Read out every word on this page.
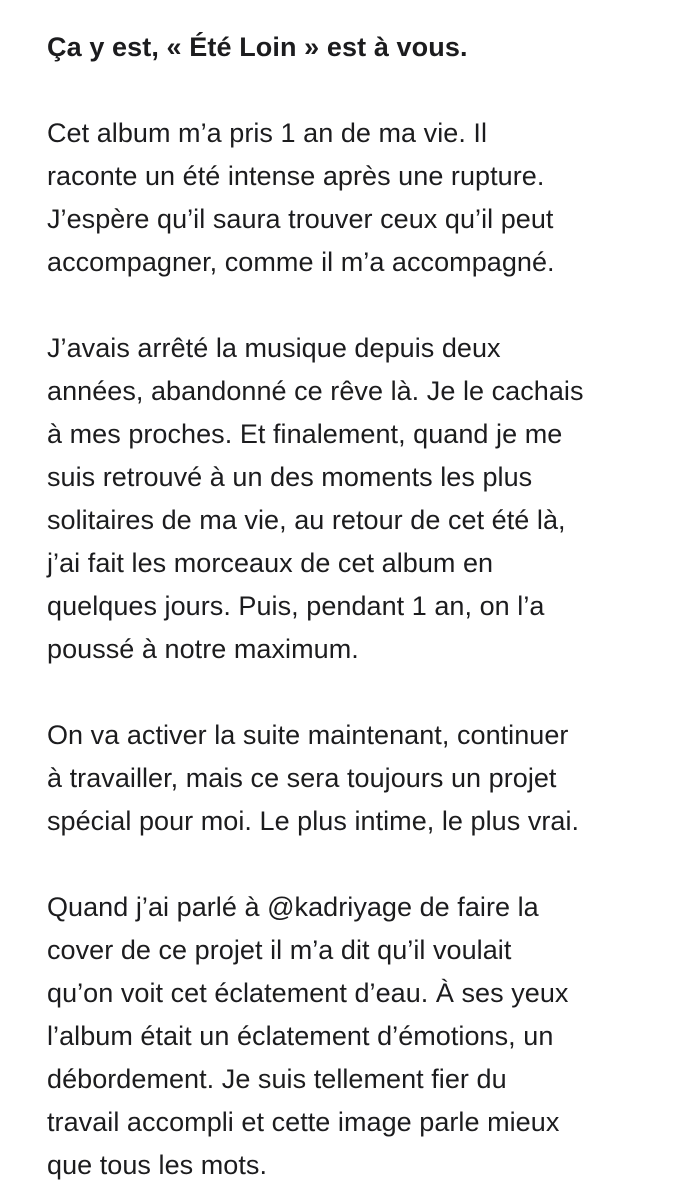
Ça y est, « Été Loin » est à vous.
Cet album m’a pris 1 an de ma vie. Il
raconte un été intense après une rupture.
J’espère qu’il saura trouver ceux qu’il peut
accompagner, comme il m’a accompagné.
J’avais arrêté la musique depuis deux
années, abandonné ce rêve là. Je le cachais
à mes proches. Et finalement, quand je me
suis retrouvé à un des moments les plus
solitaires de ma vie, au retour de cet été là,
j’ai fait les morceaux de cet album en
quelques jours. Puis, pendant 1 an, on l’a
poussé à notre maximum.
On va activer la suite maintenant, continuer
à travailler, mais ce sera toujours un projet
spécial pour moi. Le plus intime, le plus vrai.
Quand j’ai parlé à @kadriyage de faire la
cover de ce projet il m’a dit qu’il voulait
qu’on voit cet éclatement d’eau. À ses yeux
l’album était un éclatement d’émotions, un
débordement. Je suis tellement fier du
travail accompli et cette image parle mieux
que tous les mots.
